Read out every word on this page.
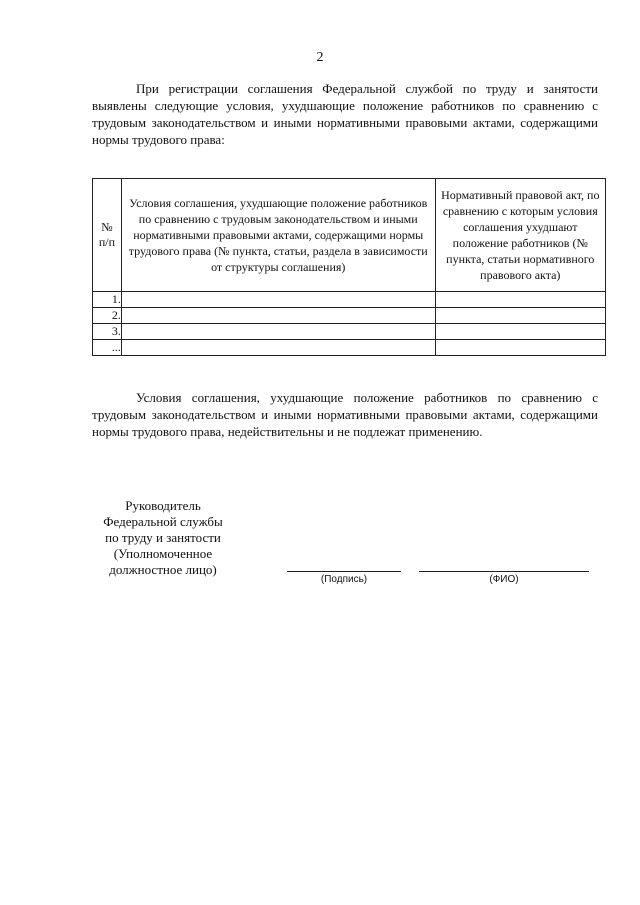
2

При регистрации соглашения Федеральной службой по труду и занятости выявлены следующие условия, ухудшающие положение работников по сравнению с трудовым законодательством и иными нормативными правовыми актами, содержащими нормы трудового права:

№
п/п	Условия соглашения, ухудшающие положение работников по сравнению с трудовым законодательством и иными нормативными правовыми актами, содержащими нормы трудового права (№ пункта, статьи, раздела в зависимости от структуры соглашения)	Нормативный правовой акт, по сравнению с которым условия соглашения ухудшают положение работников (№ пункта, статьи нормативного правового акта)
1.		
2.		
3.		
...		

Условия соглашения, ухудшающие положение работников по сравнению с трудовым законодательством и иными нормативными правовыми актами, содержащими нормы трудового права, недействительны и не подлежат применению.

Руководитель
Федеральной службы
по труду и занятости
(Уполномоченное
должностное лицо)
(Подпись)	(ФИО)
